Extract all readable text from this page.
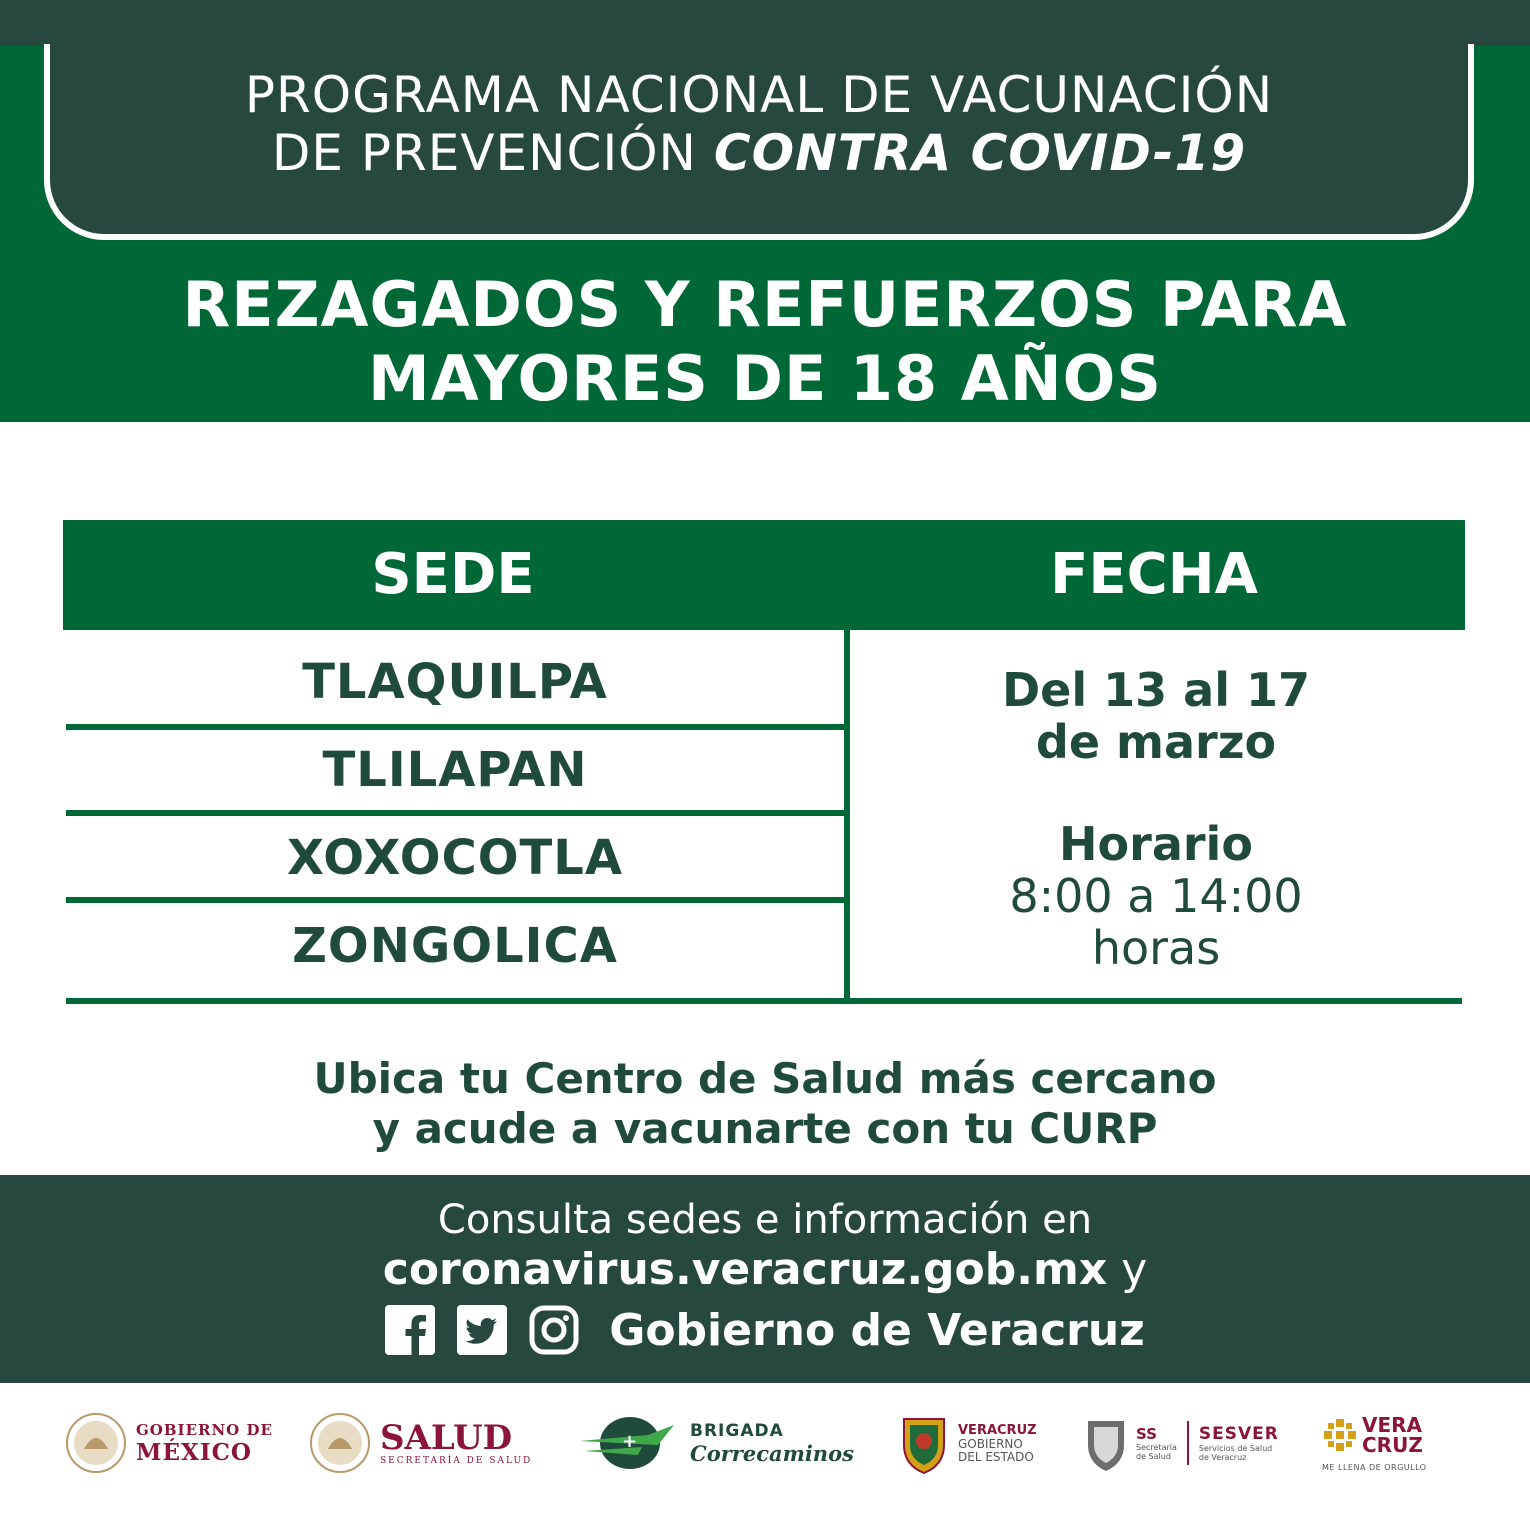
PROGRAMA NACIONAL DE VACUNACIÓN
DE PREVENCIÓN CONTRA COVID-19
REZAGADOS Y REFUERZOS PARA
MAYORES DE 18 AÑOS
SEDE	FECHA
TLAQUILPA
TLILAPAN
XOXOCOTLA
ZONGOLICA
Del 13 al 17
de marzo
Horario
8:00 a 14:00
horas
Ubica tu Centro de Salud más cercano
y acude a vacunarte con tu CURP
Consulta sedes e información en
coronavirus.veracruz.gob.mx y
Gobierno de Veracruz
GOBIERNO DE
MÉXICO	SALUD
SECRETARÍA DE SALUD
+
BRIGADA
Correcaminos
VERACRUZ
GOBIERNO
DEL ESTADO
SS
Secretaría
de Salud
SESVER
Servicios de Salud
de Veracruz
VERA
CRUZ
ME LLENA DE ORGULLO
